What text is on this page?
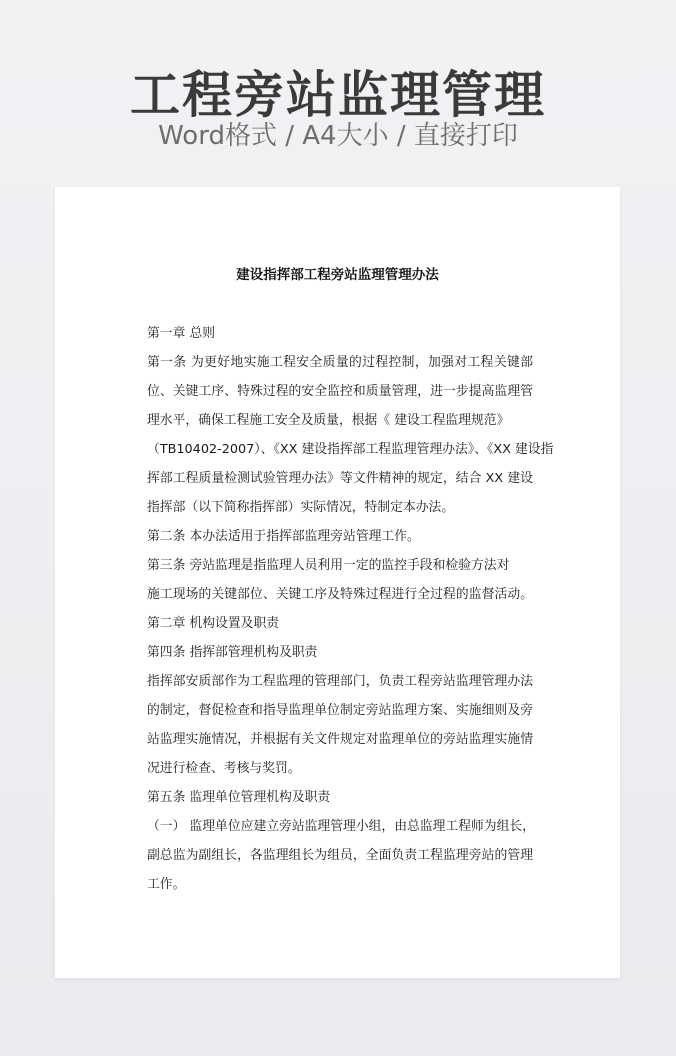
工程旁站监理管理
Word格式 / A4大小 / 直接打印
建设指挥部工程旁站监理管理办法
第一章 总则
第一条 为更好地实施工程安全质量的过程控制，加强对工程关键部
位、关键工序、特殊过程的安全监控和质量管理，进一步提高监理管
理水平，确保工程施工安全及质量，根据《 建设工程监理规范》
（TB10402-2007）、《XX 建设指挥部工程监理管理办法》、《XX 建设指
挥部工程质量检测试验管理办法》等文件精神的规定，结合 XX 建设
指挥部（以下简称指挥部）实际情况，特制定本办法。
第二条 本办法适用于指挥部监理旁站管理工作。
第三条 旁站监理是指监理人员利用一定的监控手段和检验方法对
施工现场的关键部位、关键工序及特殊过程进行全过程的监督活动。
第二章 机构设置及职责
第四条 指挥部管理机构及职责
指挥部安质部作为工程监理的管理部门，负责工程旁站监理管理办法
的制定，督促检查和指导监理单位制定旁站监理方案、实施细则及旁
站监理实施情况，并根据有关文件规定对监理单位的旁站监理实施情
况进行检查、考核与奖罚。
第五条 监理单位管理机构及职责
（一） 监理单位应建立旁站监理管理小组，由总监理工程师为组长，
副总监为副组长，各监理组长为组员，全面负责工程监理旁站的管理
工作。
